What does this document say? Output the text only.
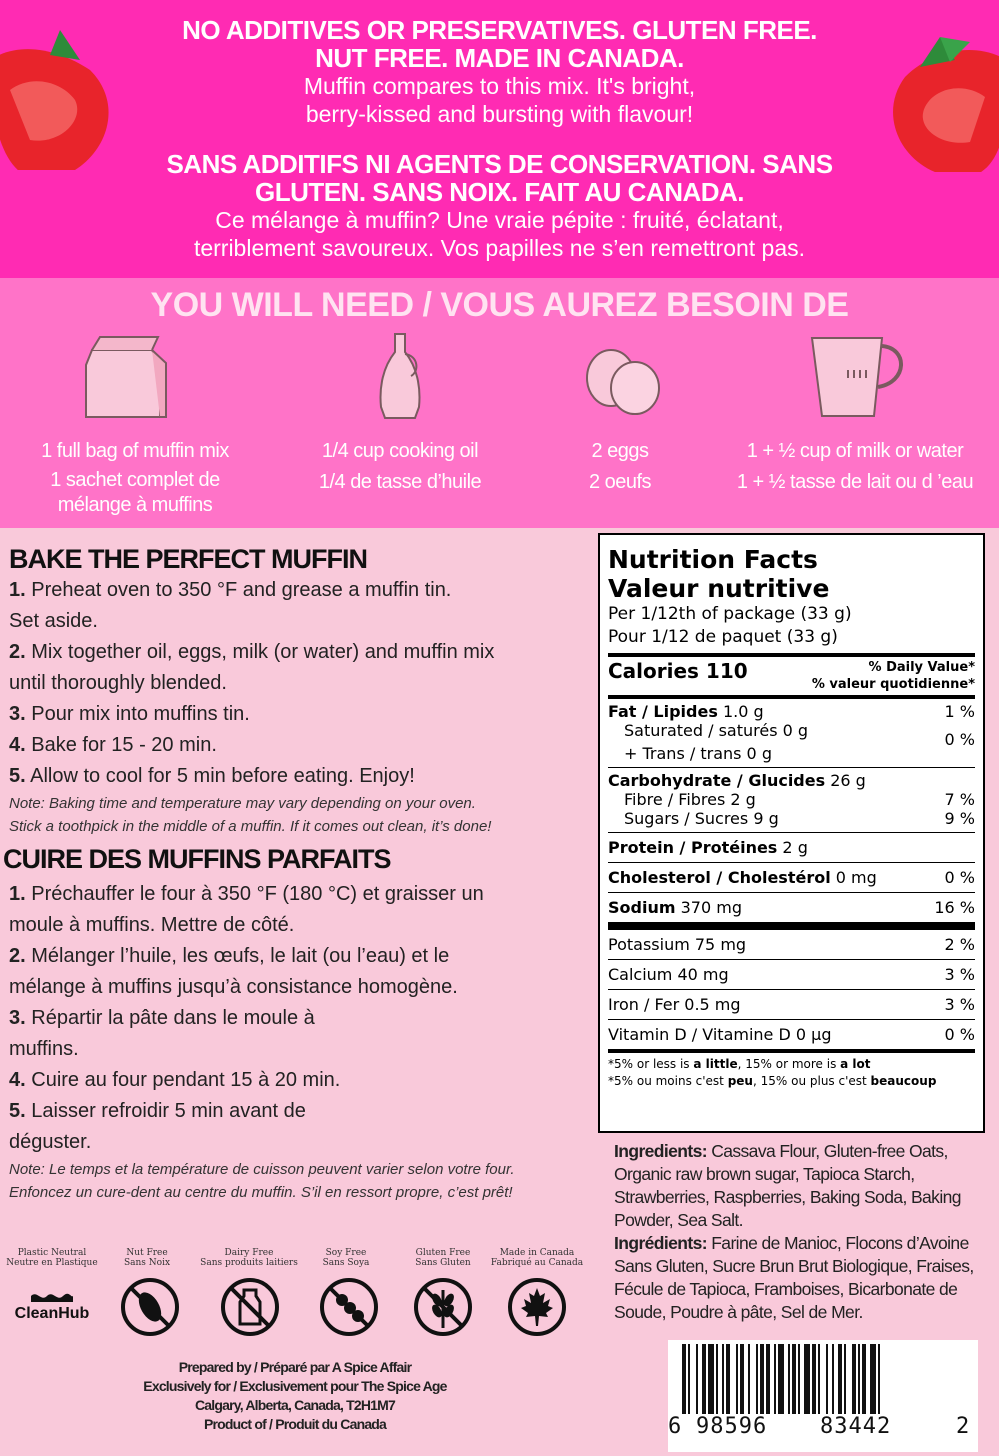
NO ADDITIVES OR PRESERVATIVES. GLUTEN FREE.
NUT FREE. MADE IN CANADA.
Muffin compares to this mix. It's bright,
berry-kissed and bursting with flavour!
SANS ADDITIFS NI AGENTS DE CONSERVATION. SANS
GLUTEN. SANS NOIX. FAIT AU CANADA.
Ce mélange à muffin? Une vraie pépite : fruité, éclatant,
terriblement savoureux. Vos papilles ne s’en remettront pas.
YOU WILL NEED / VOUS AUREZ BESOIN DE
1 full bag of muffin mix
1 sachet complet de
mélange à muffins
1/4 cup cooking oil
1/4 de tasse d’huile
2 eggs
2 oeufs
1 + ½ cup of milk or water
1 + ½ tasse de lait ou d ’eau
BAKE THE PERFECT MUFFIN
1. Preheat oven to 350 °F and grease a muffin tin.
Set aside.
2. Mix together oil, eggs, milk (or water) and muffin mix
until thoroughly blended.
3. Pour mix into muffins tin.
4. Bake for 15 - 20 min.
5. Allow to cool for 5 min before eating. Enjoy!
Note: Baking time and temperature may vary depending on your oven.
Stick a toothpick in the middle of a muffin. If it comes out clean, it’s done!
CUIRE DES MUFFINS PARFAITS
1. Préchauffer le four à 350 °F (180 °C) et graisser un
moule à muffins. Mettre de côté.
2. Mélanger l’huile, les œufs, le lait (ou l’eau) et le
mélange à muffins jusqu’à consistance homogène.
3. Répartir la pâte dans le moule à
muffins.
4. Cuire au four pendant 15 à 20 min.
5. Laisser refroidir 5 min avant de
déguster.
Note: Le temps et la température de cuisson peuvent varier selon votre four.
Enfoncez un cure-dent au centre du muffin. S’il en ressort propre, c’est prêt!
Nutrition Facts
Valeur nutritive
Per 1/12th of package (33 g)
Pour 1/12 de paquet (33 g)
Calories 110	% Daily Value*
% valeur quotidienne*
Fat / Lipides 1.0 g	1 %
Saturated / saturés 0 g
+ Trans / trans 0 g
0 %
Carbohydrate / Glucides 26 g
Fibre / Fibres 2 g	7 %
Sugars / Sucres 9 g	9 %
Protein / Protéines 2 g
Cholesterol / Cholestérol 0 mg	0 %
Sodium 370 mg	16 %
Potassium 75 mg	2 %
Calcium 40 mg	3 %
Iron / Fer 0.5 mg	3 %
Vitamin D / Vitamine D 0 µg	0 %
*5% or less is a little, 15% or more is a lot
*5% ou moins c'est peu, 15% ou plus c'est beaucoup
Ingredients: Cassava Flour, Gluten-free Oats, Organic raw brown sugar, Tapioca Starch, Strawberries, Raspberries, Baking Soda, Baking Powder, Sea Salt.
Ingrédients: Farine de Manioc, Flocons d’Avoine Sans Gluten, Sucre Brun Brut Biologique, Fraises, Fécule de Tapioca, Framboises, Bicarbonate de Soude, Poudre à pâte, Sel de Mer.
Plastic Neutral
Neutre en Plastique
CleanHub
Nut Free
Sans Noix
Dairy Free
Sans produits laitiers
Soy Free
Sans Soya
Gluten Free
Sans Gluten
Made in Canada
Fabriqué au Canada
Prepared by / Préparé par A Spice Affair
Exclusively for / Exclusivement pour The Spice Age
Calgary, Alberta, Canada, T2H1M7
Product of / Produit du Canada	6 98596 83442	2
